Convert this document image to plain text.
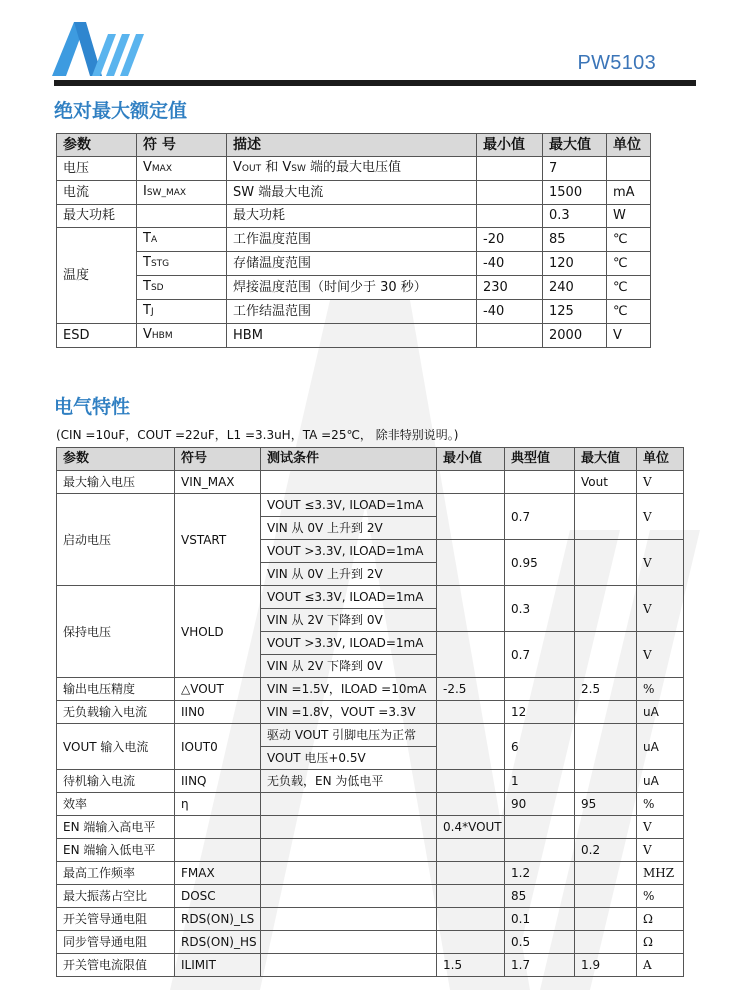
PW5103
绝对最大额定值
参数	符 号	描述	最小值	最大值	单位
电压	VMAX	VOUT 和 VSW 端的最大电压值		7	
电流	ISW_MAX	SW 端最大电流		1500	mA
最大功耗		最大功耗		0.3	W
温度	TA	工作温度范围	-20	85	℃
	TSTG	存储温度范围	-40	120	℃
	TSD	焊接温度范围（时间少于 30 秒）	230	240	℃
	TJ	工作结温范围	-40	125	℃
ESD	VHBM	HBM		2000	V
电气特性
(CIN =10uF，COUT =22uF，L1 =3.3uH，TA =25℃， 除非特别说明。)
参数	符号	测试条件	最小值	典型值	最大值	单位
最大输入电压	VIN_MAX				Vout	V
启动电压	VSTART	VOUT ≤3.3V, ILOAD=1mA		0.7		V
		VIN 从 0V 上升到 2V				
		VOUT >3.3V, ILOAD=1mA		0.95		V
		VIN 从 0V 上升到 2V				
保持电压	VHOLD	VOUT ≤3.3V, ILOAD=1mA		0.3		V
		VIN 从 2V 下降到 0V				
		VOUT >3.3V, ILOAD=1mA		0.7		V
		VIN 从 2V 下降到 0V				
输出电压精度	△VOUT	VIN =1.5V，ILOAD =10mA	-2.5		2.5	%
无负载输入电流	IIN0	VIN =1.8V，VOUT =3.3V		12		uA
VOUT 输入电流	IOUT0	驱动 VOUT 引脚电压为正常		6		uA
		VOUT 电压+0.5V				
待机输入电流	IINQ	无负载，EN 为低电平		1		uA
效率	η			90	95	%
EN 端输入高电平			0.4*VOUT			V
EN 端输入低电平					0.2	V
最高工作频率	FMAX			1.2		MHZ
最大振荡占空比	DOSC			85		%
开关管导通电阻	RDS(ON)_LS			0.1		Ω
同步管导通电阻	RDS(ON)_HS			0.5		Ω
开关管电流限值	ILIMIT		1.5	1.7	1.9	A
